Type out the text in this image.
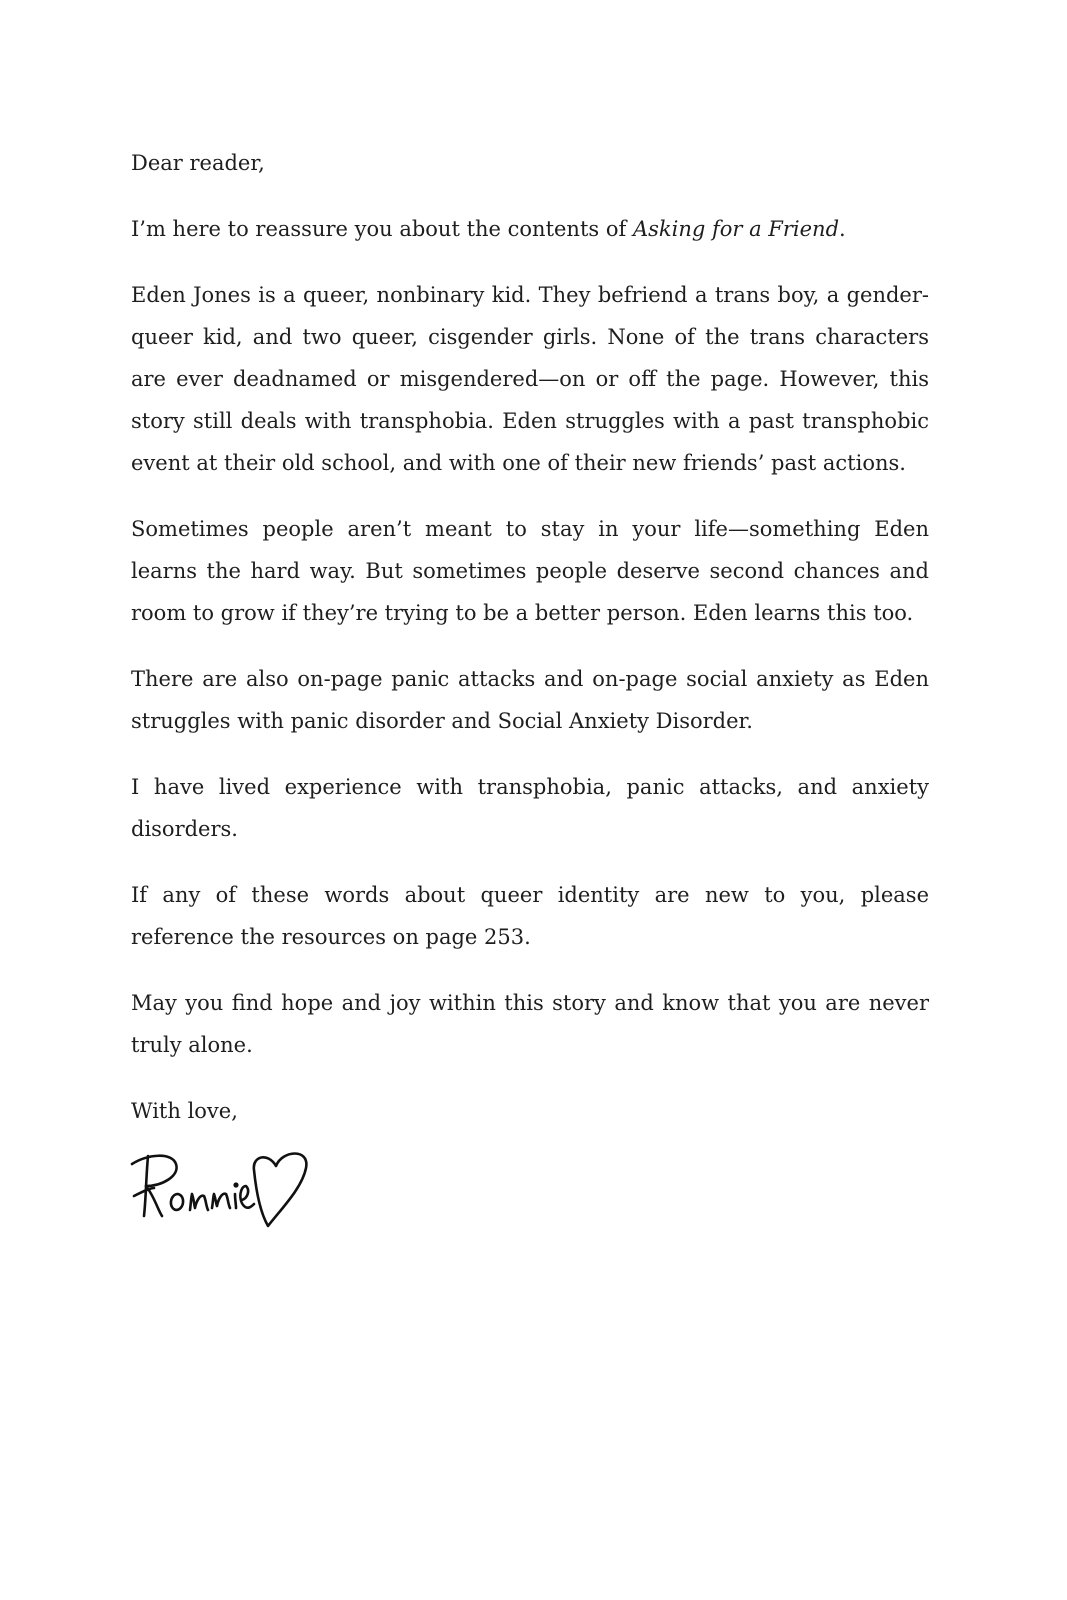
Dear reader,

I’m here to reassure you about the contents of Asking for a Friend.

Eden Jones is a queer, nonbinary kid. They befriend a trans boy, a gender-queer kid, and two queer, cisgender girls. None of the trans characters are ever deadnamed or misgendered—on or off the page. However, this story still deals with transphobia. Eden struggles with a past transphobic event at their old school, and with one of their new friends’ past actions.

Sometimes people aren’t meant to stay in your life—something Eden learns the hard way. But sometimes people deserve second chances and room to grow if they’re trying to be a better person. Eden learns this too.

There are also on-page panic attacks and on-page social anxiety as Eden struggles with panic disorder and Social Anxiety Disorder.

I have lived experience with transphobia, panic attacks, and anxiety disorders.

If any of these words about queer identity are new to you, please reference the resources on page 253.

May you find hope and joy within this story and know that you are never truly alone.

With love,
